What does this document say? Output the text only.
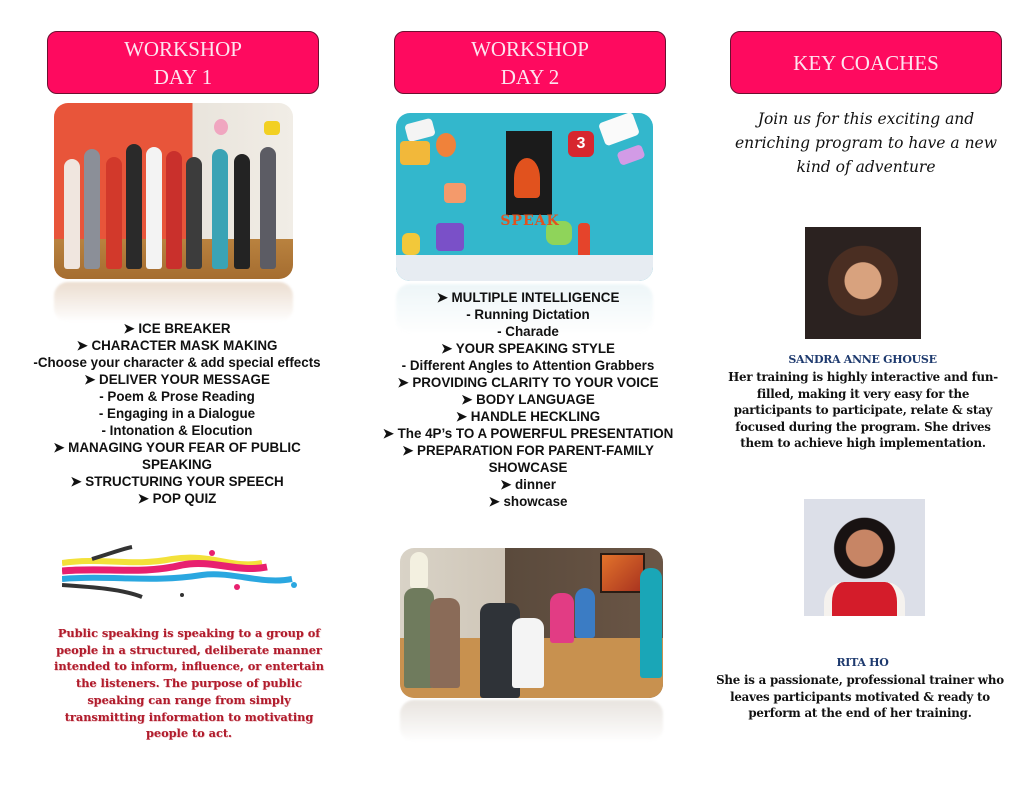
WORKSHOP
DAY 1
➤ ICE BREAKER
➤ CHARACTER MASK MAKING
-Choose your character & add special effects
➤ DELIVER YOUR MESSAGE
- Poem & Prose Reading
- Engaging in a Dialogue
- Intonation & Elocution
➤ MANAGING YOUR FEAR OF PUBLIC SPEAKING
➤ STRUCTURING YOUR SPEECH
➤ POP QUIZ
Public speaking is speaking to a group of people in a structured, deliberate manner intended to inform, influence, or entertain the listeners. The purpose of public speaking can range from simply transmitting information to motivating people to act.
WORKSHOP
DAY 2
SPEAK
3
➤ MULTIPLE INTELLIGENCE
- Running Dictation
- Charade
➤ YOUR SPEAKING STYLE
- Different Angles to Attention Grabbers
➤ PROVIDING CLARITY TO YOUR VOICE
➤ BODY LANGUAGE
➤ HANDLE HECKLING
➤ The 4P’s TO A POWERFUL PRESENTATION
➤ PREPARATION FOR PARENT-FAMILY SHOWCASE
➤ dinner
➤ showcase
KEY COACHES
Join us for this exciting and enriching program to have a new kind of adventure
SANDRA ANNE GHOUSE
Her training is highly interactive and fun-filled, making it very easy for the participants to participate, relate & stay focused during the program. She drives them to achieve high implementation.
RITA HO
She is a passionate, professional trainer who leaves participants motivated & ready to perform at the end of her training.
